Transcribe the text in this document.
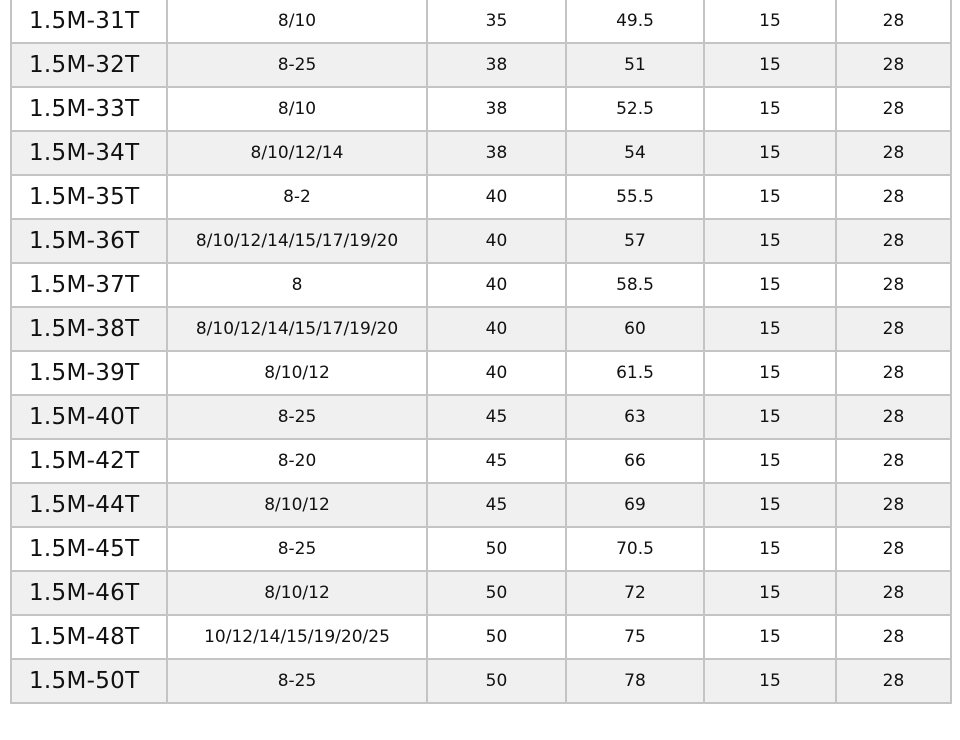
1.5M-31T	8/10	35	49.5	15	28
1.5M-32T	8-25	38	51	15	28
1.5M-33T	8/10	38	52.5	15	28
1.5M-34T	8/10/12/14	38	54	15	28
1.5M-35T	8-2	40	55.5	15	28
1.5M-36T	8/10/12/14/15/17/19/20	40	57	15	28
1.5M-37T	8	40	58.5	15	28
1.5M-38T	8/10/12/14/15/17/19/20	40	60	15	28
1.5M-39T	8/10/12	40	61.5	15	28
1.5M-40T	8-25	45	63	15	28
1.5M-42T	8-20	45	66	15	28
1.5M-44T	8/10/12	45	69	15	28
1.5M-45T	8-25	50	70.5	15	28
1.5M-46T	8/10/12	50	72	15	28
1.5M-48T	10/12/14/15/19/20/25	50	75	15	28
1.5M-50T	8-25	50	78	15	28
